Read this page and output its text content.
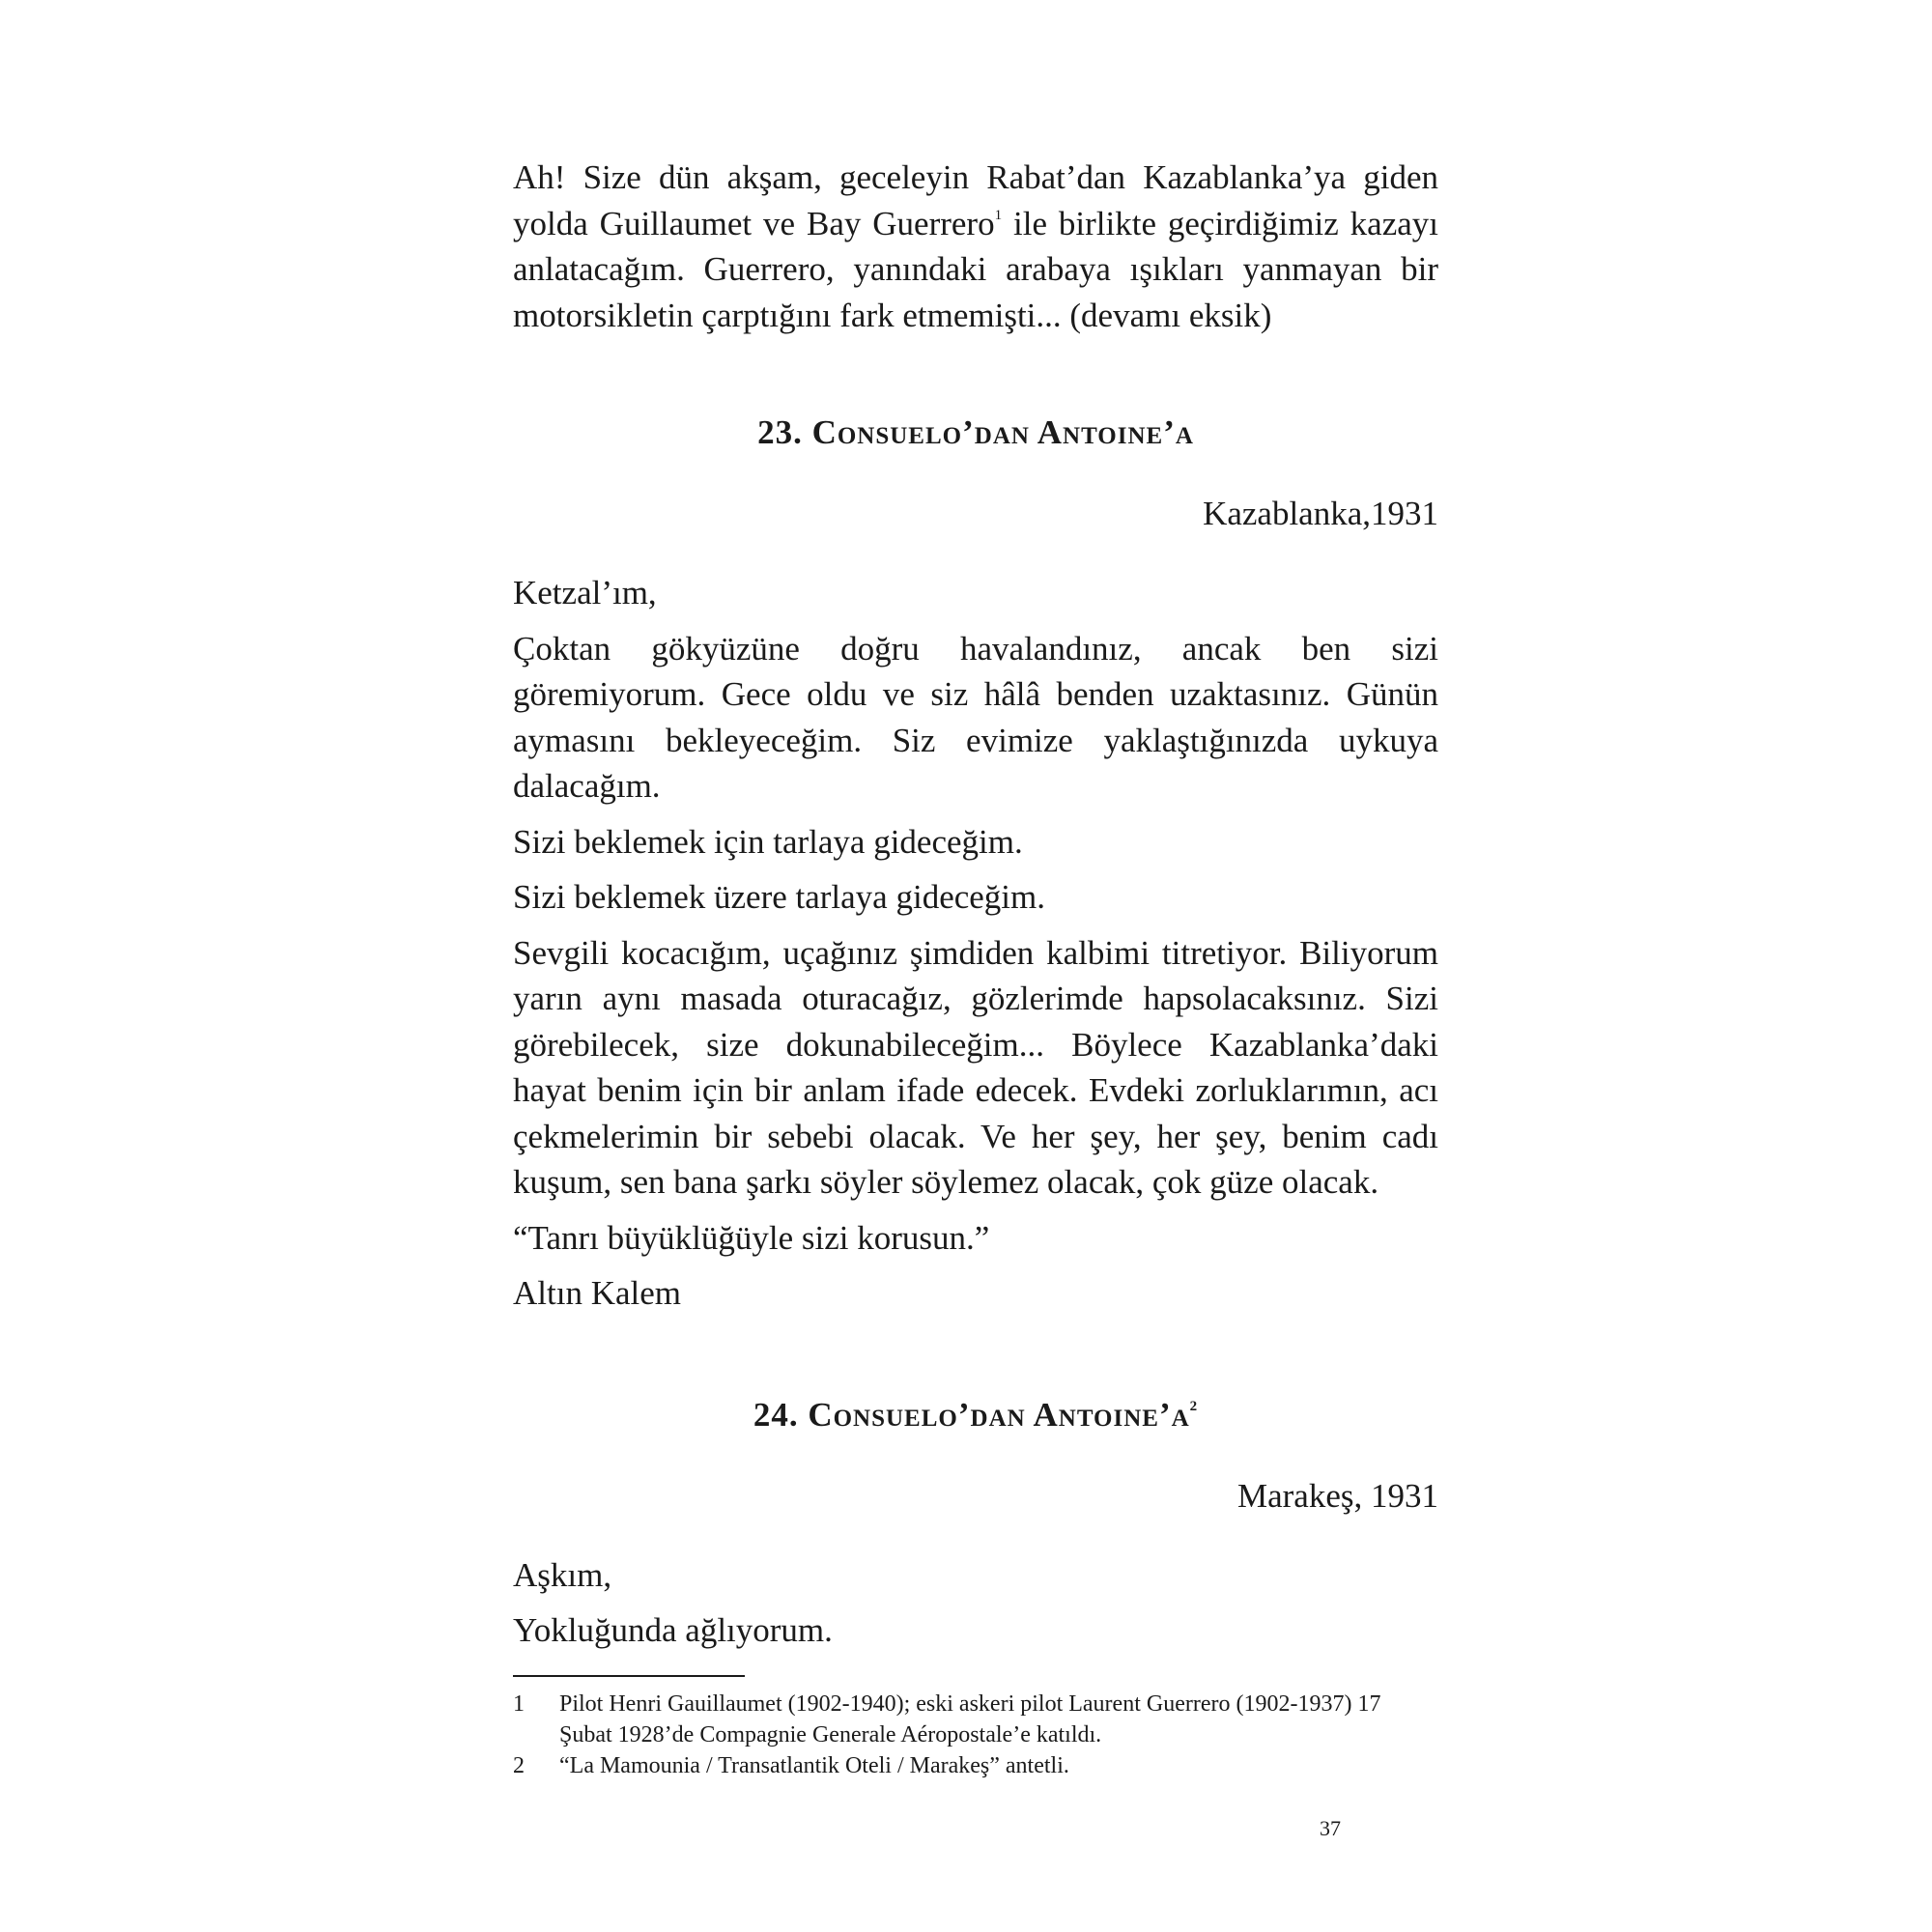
Ah! Size dün akşam, geceleyin Rabat’dan Kazablanka’ya giden yolda Guillaumet ve Bay Guerrero$^1$ ile birlikte geçirdiğimiz kazayı anlatacağım. Guerrero, yanındaki arabaya ışıkları yanmayan bir motorsikletin çarptığını fark etmemişti... (devamı eksik)

23. Consuelo’dan Antoine’a

Kazablanka,1931

Ketzal’ım,

Çoktan gökyüzüne doğru havalandınız, ancak ben sizi göremiyorum. Gece oldu ve siz hâlâ benden uzaktasınız. Günün aymasını bekleyeceğim. Siz evimize yaklaştığınızda uykuya dalacağım.

Sizi beklemek için tarlaya gideceğim.

Sizi beklemek üzere tarlaya gideceğim.

Sevgili kocacığım, uçağınız şimdiden kalbimi titretiyor. Biliyorum yarın aynı masada oturacağız, gözlerimde hapsolacaksınız. Sizi görebilecek, size dokunabileceğim... Böylece Kazablanka’daki hayat benim için bir anlam ifade edecek. Evdeki zorluklarımın, acı çekmelerimin bir sebebi olacak. Ve her şey, her şey, benim cadı kuşum, sen bana şarkı söyler söylemez olacak, çok güze olacak.

“Tanrı büyüklüğüyle sizi korusun.”

Altın Kalem

24. Consuelo’dan $Antoine’a^2$

Marakeş, 1931

Aşkım,

Yokluğunda ağlıyorum.

1	Pilot Henri Gauillaumet (1902-1940); eski askeri pilot Laurent Guerrero (1902-1937) 17 Şubat 1928’de Compagnie Generale Aéropostale’e katıldı.
2	“La Mamounia / Transatlantik Oteli / Marakeş” antetli.
37
